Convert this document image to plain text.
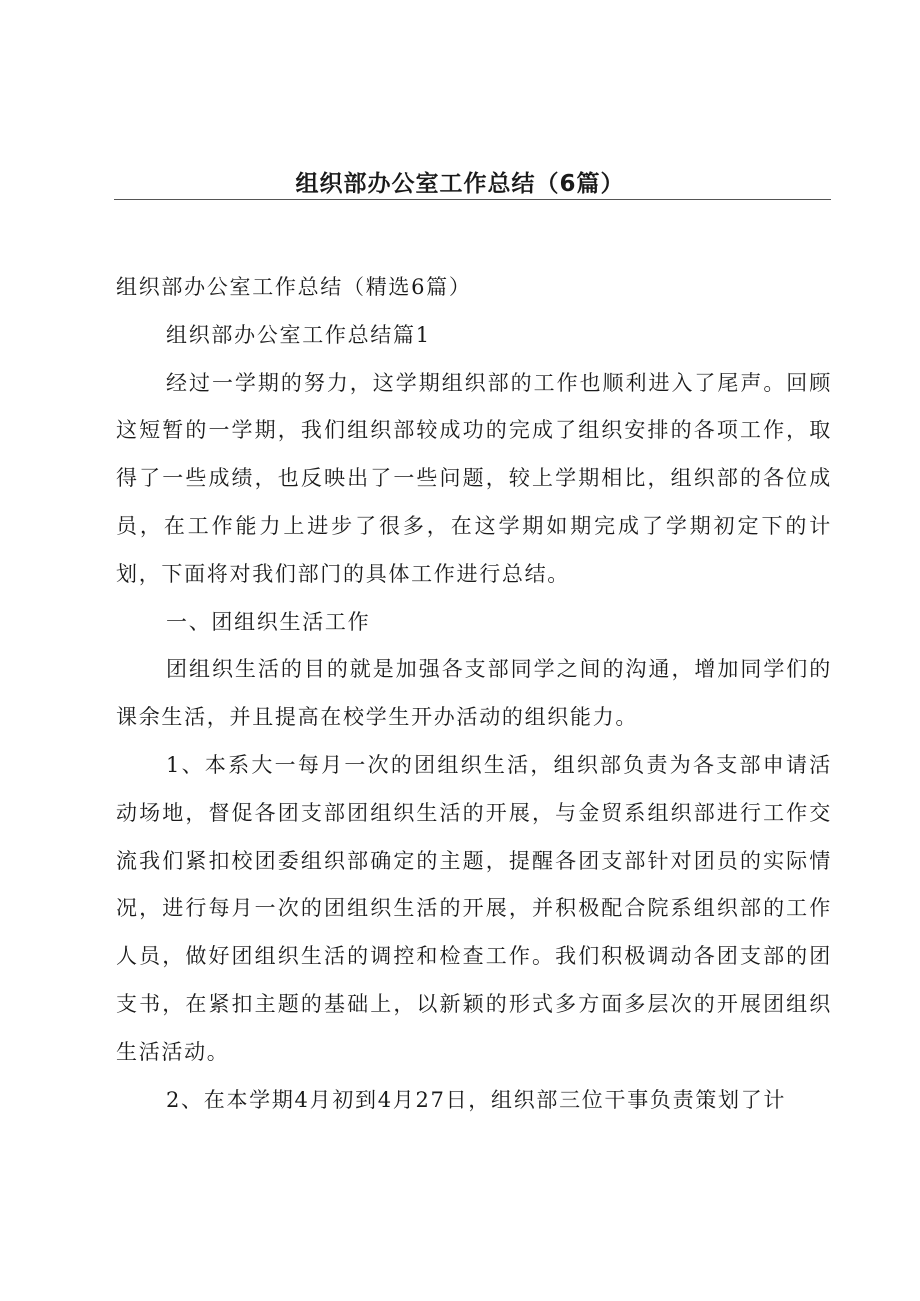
组织部办公室工作总结（6篇）

组织部办公室工作总结（精选6篇）

组织部办公室工作总结篇1

经过一学期的努力，这学期组织部的工作也顺利进入了尾声。回顾这短暂的一学期，我们组织部较成功的完成了组织安排的各项工作，取得了一些成绩，也反映出了一些问题，较上学期相比，组织部的各位成员，在工作能力上进步了很多，在这学期如期完成了学期初定下的计划，下面将对我们部门的具体工作进行总结。

一、团组织生活工作

团组织生活的目的就是加强各支部同学之间的沟通，增加同学们的课余生活，并且提高在校学生开办活动的组织能力。

1、本系大一每月一次的团组织生活，组织部负责为各支部申请活动场地，督促各团支部团组织生活的开展，与金贸系组织部进行工作交流我们紧扣校团委组织部确定的主题，提醒各团支部针对团员的实际情况，进行每月一次的团组织生活的开展，并积极配合院系组织部的工作人员，做好团组织生活的调控和检查工作。我们积极调动各团支部的团支书，在紧扣主题的基础上，以新颖的形式多方面多层次的开展团组织生活活动。

2、在本学期4月初到4月27日，组织部三位干事负责策划了计
